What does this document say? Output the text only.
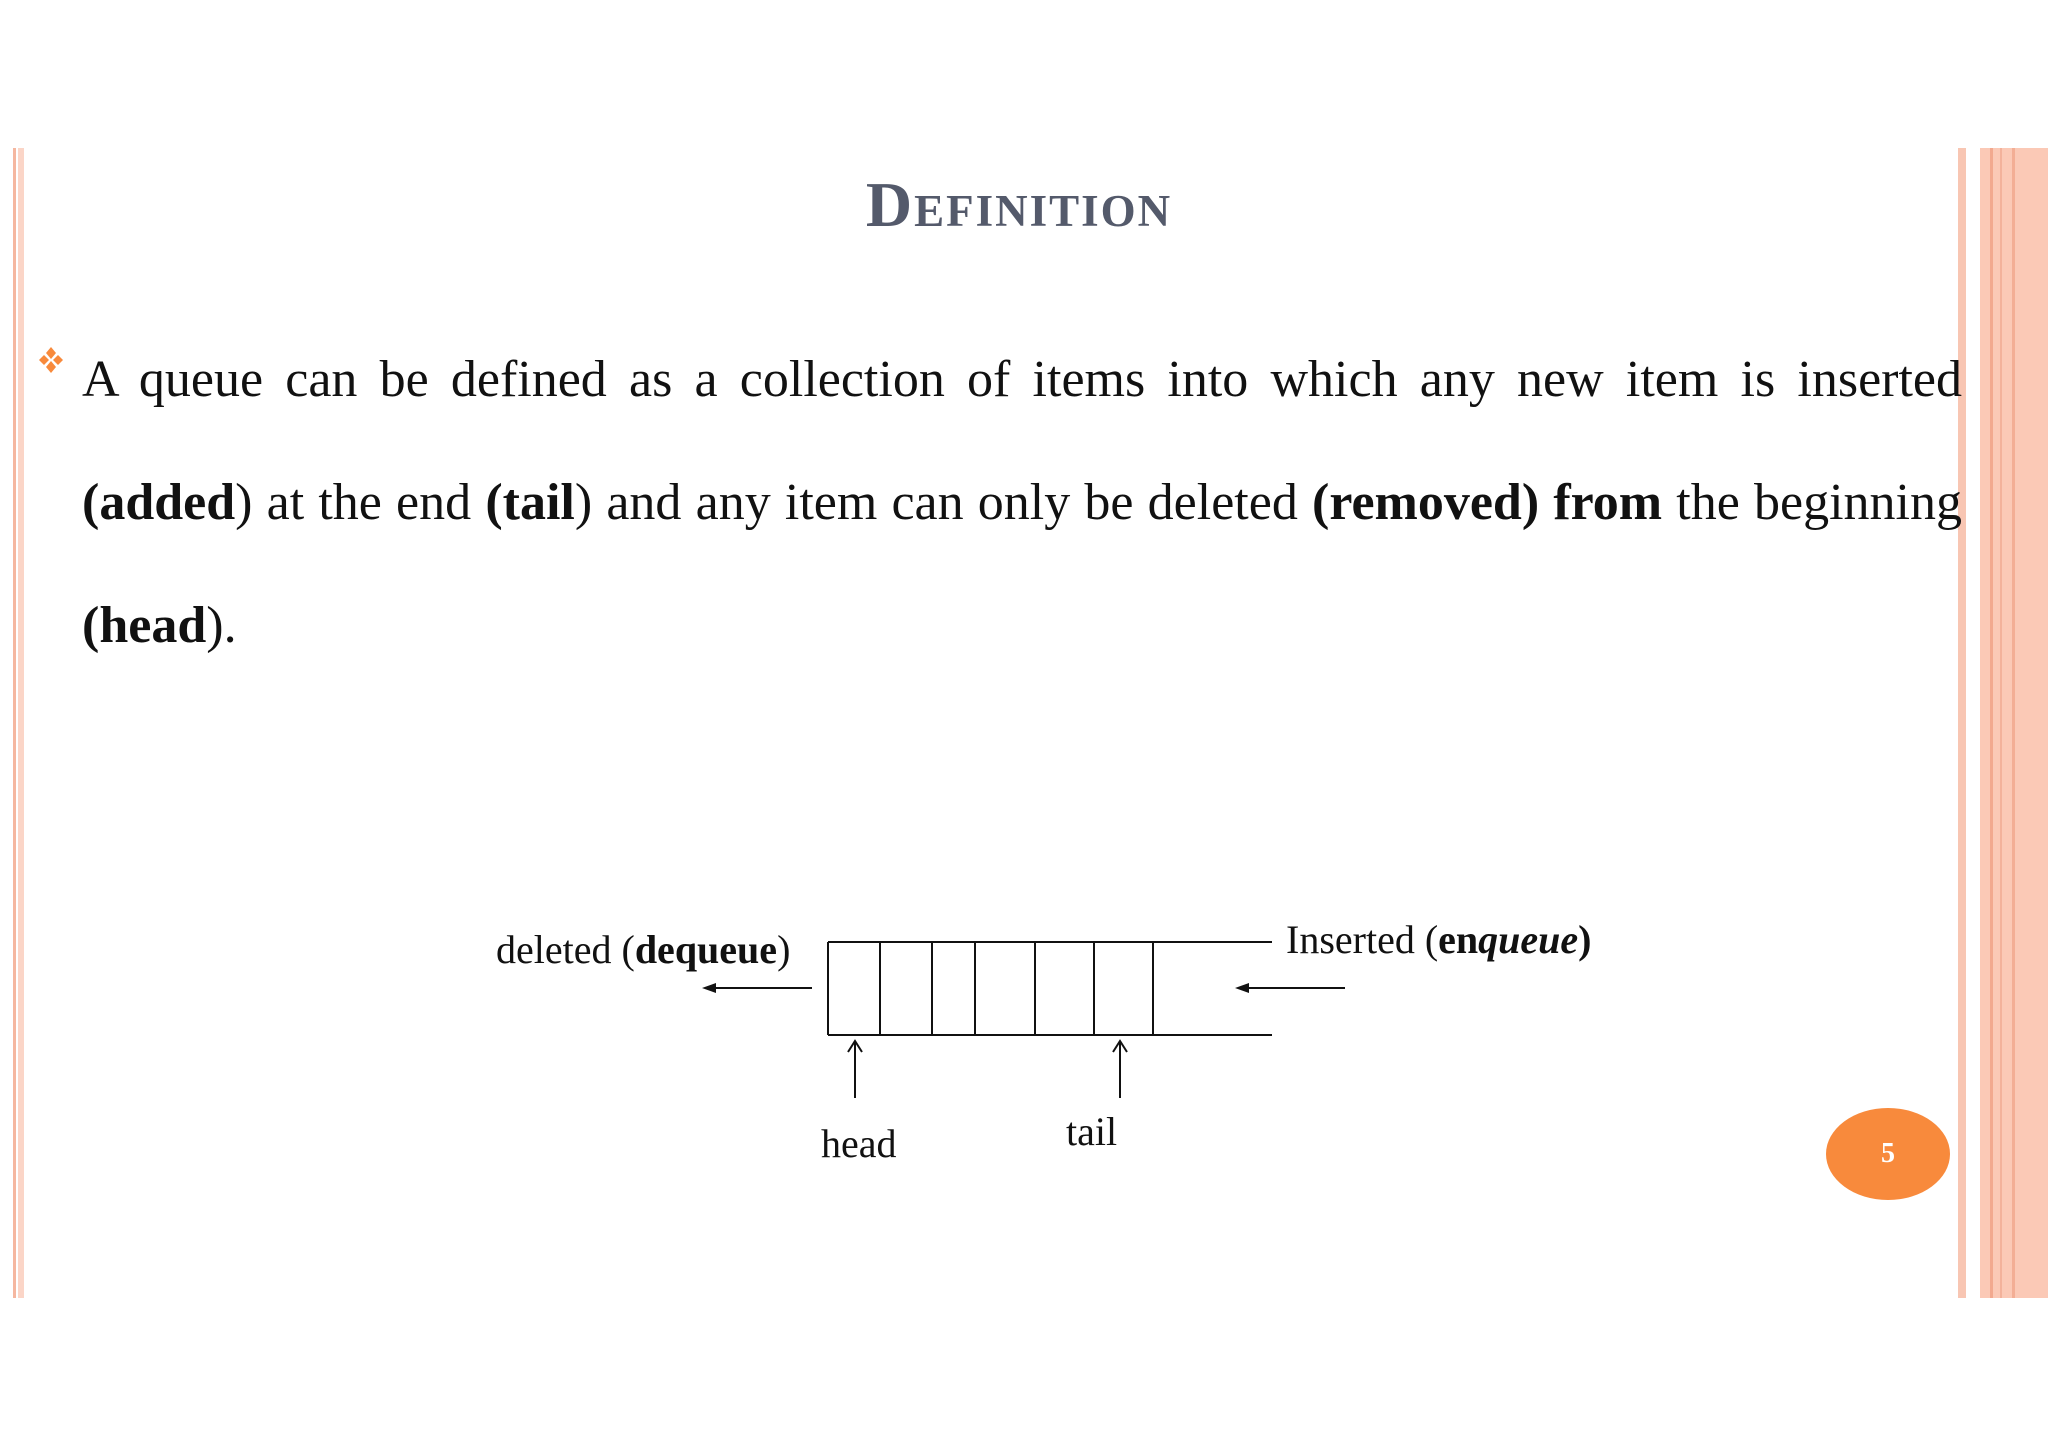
Definition
A queue can be defined as a collection of items into which any new item is inserted (added) at the end (tail) and any item can only be deleted (removed) from the beginning (head).
deleted (dequeue)	Inserted (enqueue)
head	tail	5
